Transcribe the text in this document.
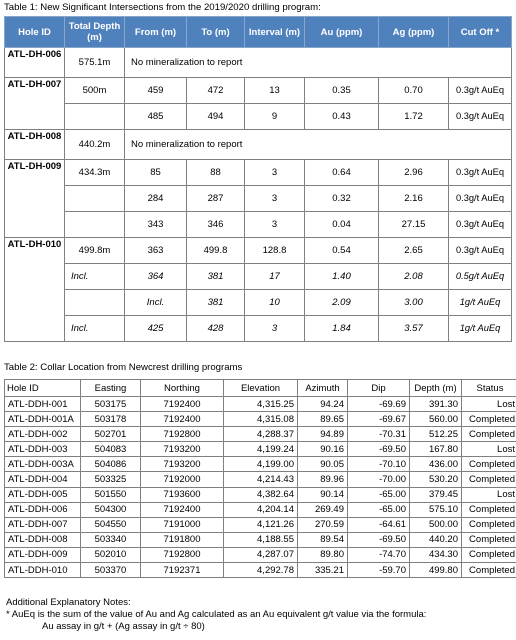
Table 1: New Significant Intersections from the 2019/2020 drilling program:
Hole ID	Total Depth (m)	From (m)	To (m)	Interval (m)	Au (ppm)	Ag (ppm)	Cut Off *
ATL-DH-006	575.1m	No mineralization to report					
ATL-DH-007	500m	459	472	13	0.35	0.70	0.3g/t AuEq
		485	494	9	0.43	1.72	0.3g/t AuEq
ATL-DH-008	440.2m	No mineralization to report					
ATL-DH-009	434.3m	85	88	3	0.64	2.96	0.3g/t AuEq
		284	287	3	0.32	2.16	0.3g/t AuEq
		343	346	3	0.04	27.15	0.3g/t AuEq
ATL-DH-010	499.8m	363	499.8	128.8	0.54	2.65	0.3g/t AuEq
	Incl.	364	381	17	1.40	2.08	0.5g/t AuEq
		Incl.	381	10	2.09	3.00	1g/t AuEq
	Incl.	425	428	3	1.84	3.57	1g/t AuEq
Table 2: Collar Location from Newcrest drilling programs
Hole ID	Easting	Northing	Elevation	Azimuth	Dip	Depth (m)	Status
ATL-DDH-001	503175	7192400	4,315.25	94.24	-69.69	391.30	Lost
ATL-DDH-001A	503178	7192400	4,315.08	89.65	-69.67	560.00	Completed
ATL-DDH-002	502701	7192800	4,288.37	94.89	-70.31	512.25	Completed
ATL-DDH-003	504083	7193200	4,199.24	90.16	-69.50	167.80	Lost
ATL-DDH-003A	504086	7193200	4,199.00	90.05	-70.10	436.00	Completed
ATL-DDH-004	503325	7192000	4,214.43	89.96	-70.00	530.20	Completed
ATL-DDH-005	501550	7193600	4,382.64	90.14	-65.00	379.45	Lost
ATL-DDH-006	504300	7192400	4,204.14	269.49	-65.00	575.10	Completed
ATL-DDH-007	504550	7191000	4,121.26	270.59	-64.61	500.00	Completed
ATL-DDH-008	503340	7191800	4,188.55	89.54	-69.50	440.20	Completed
ATL-DDH-009	502010	7192800	4,287.07	89.80	-74.70	434.30	Completed
ATL-DDH-010	503370	7192371	4,292.78	335.21	-59.70	499.80	Completed
Additional Explanatory Notes:
* AuEq is the sum of the value of Au and Ag calculated as an Au equivalent g/t value via the formula:
Au assay in g/t + (Ag assay in g/t ÷ 80)
